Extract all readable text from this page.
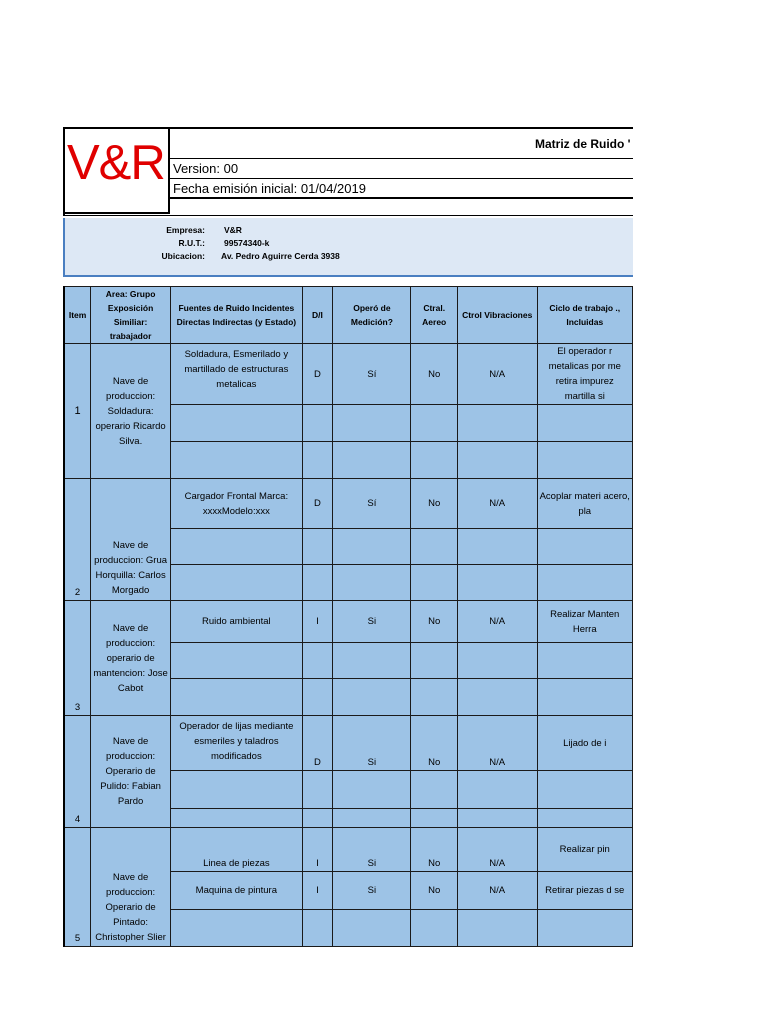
V&R	Matriz de Ruido '
Version: 00
Fecha emisión inicial: 01/04/2019
Empresa: V&R
R.U.T.: 99574340-k
Ubicacion: Av. Pedro Aguirre Cerda 3938
Item	Area: Grupo Exposición Similiar: trabajador	Fuentes de Ruido Incidentes Directas Indirectas (y Estado)	D/I	Operó de Medición?	Ctral. Aereo	Ctrol Vibraciones	Ciclo de trabajo ., Incluidas
1	Nave de produccion: Soldadura: operario Ricardo Silva.	Soldadura, Esmerilado y martillado de estructuras metalicas	D	Sí	No	N/A	El operador r metalicas por me retira impurez martilla si

2	Nave de produccion: Grua Horquilla: Carlos Morgado	Cargador Frontal Marca: xxxxModelo:xxx	D	Sí	No	N/A	Acoplar materi acero, pla

3	Nave de produccion: operario de mantencion: Jose Cabot	Ruido ambiental	I	Si	No	N/A	Realizar Manten Herra

4	Nave de produccion: Operario de Pulido: Fabian Pardo	Operador de lijas mediante esmeriles y taladros modificados	D	Si	No	N/A	Lijado de i

5	Nave de produccion: Operario de Pintado: Christopher Slier	Linea de piezas	I	Si	No	N/A	Realizar pin
		Maquina de pintura	I	Si	No	N/A	Retirar piezas d se
